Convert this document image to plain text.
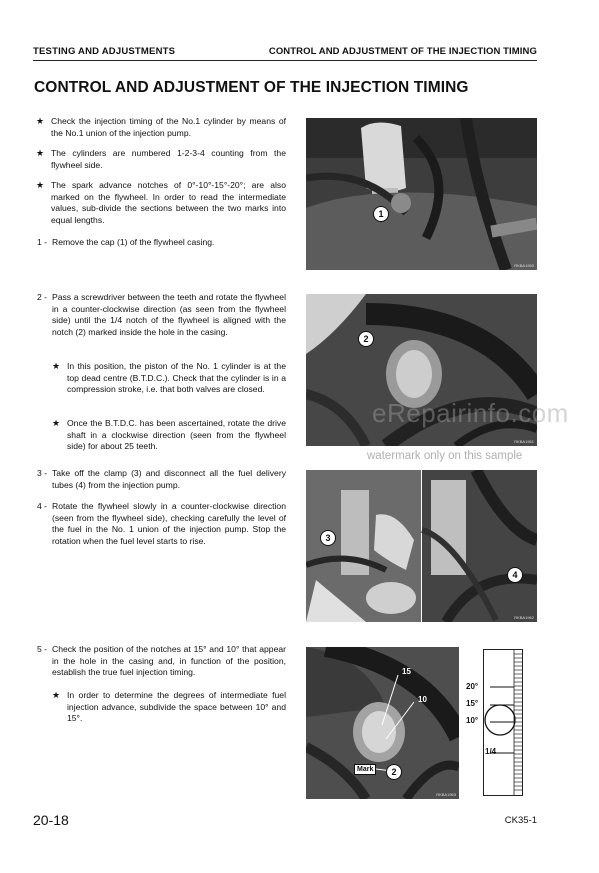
TESTING AND ADJUSTMENTS	CONTROL AND ADJUSTMENT OF THE INJECTION TIMING
CONTROL AND ADJUSTMENT OF THE INJECTION TIMING
★ Check the injection timing of the No.1 cylinder by means of the No.1 union of the injection pump.
★ The cylinders are numbered 1-2-3-4 counting from the flywheel side.
★ The spark advance notches of 0°-10°-15°-20°; are also marked on the flywheel. In order to read the intermediate values, sub-divide the sections between the two marks into equal lengths.
1 - Remove the cap (1) of the flywheel casing.
2 - Pass a screwdriver between the teeth and rotate the flywheel in a counter-clockwise direction (as seen from the flywheel side) until the 1/4 notch of the flywheel is aligned with the notch (2) marked inside the hole in the casing.
★ In this position, the piston of the No. 1 cylinder is at the top dead centre (B.T.D.C.). Check that the cylinder is in a compression stroke, i.e. that both valves are closed.
★ Once the B.T.D.C. has been ascertained, rotate the drive shaft in a clockwise direction (seen from the flywheel side) for about 25 teeth.
3 - Take off the clamp (3) and disconnect all the fuel delivery tubes (4) from the injection pump.
4 - Rotate the flywheel slowly in a counter-clockwise direction (seen from the flywheel side), checking carefully the level of the fuel in the No. 1 union of the injection pump. Stop the rotation when the fuel level starts to rise.
5 - Check the position of the notches at 15° and 10° that appear in the hole in the casing and, in function of the position, establish the true fuel injection timing.
★ In order to determine the degrees of intermediate fuel injection advance, subdivide the space between 10° and 15°.
RKBA1960
1
RKBA1961
2
RKBA1962
3
4
15
10
Mark
RKBA1963
2
20°
15°
10°
1/4
eRepairinfo.com
watermark only on this sample
20-18	CK35-1
